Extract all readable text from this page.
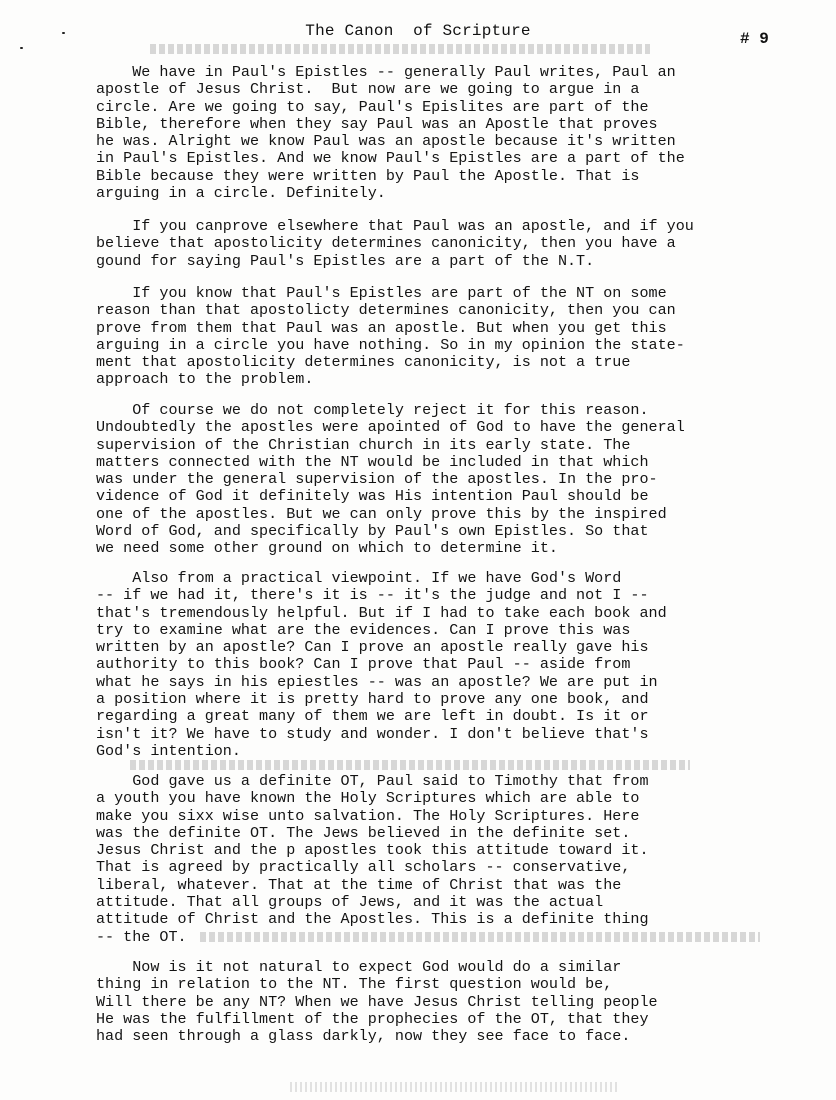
The Canon  of Scripture	# 9
We have in Paul's Epistles -- generally Paul writes, Paul an
apostle of Jesus Christ.  But now are we going to argue in a
circle. Are we going to say, Paul's Epislites are part of the
Bible, therefore when they say Paul was an Apostle that proves
he was. Alright we know Paul was an apostle because it's written
in Paul's Epistles. And we know Paul's Epistles are a part of the
Bible because they were written by Paul the Apostle. That is
arguing in a circle. Definitely.
If you canprove elsewhere that Paul was an apostle, and if you
believe that apostolicity determines canonicity, then you have a
gound for saying Paul's Epistles are a part of the N.T.
If you know that Paul's Epistles are part of the NT on some
reason than that apostolicty determines canonicity, then you can
prove from them that Paul was an apostle. But when you get this
arguing in a circle you have nothing. So in my opinion the state-
ment that apostolicity determines canonicity, is not a true
approach to the problem.
Of course we do not completely reject it for this reason.
Undoubtedly the apostles were apointed of God to have the general
supervision of the Christian church in its early state. The
matters connected with the NT would be included in that which
was under the general supervision of the apostles. In the pro-
vidence of God it definitely was His intention Paul should be
one of the apostles. But we can only prove this by the inspired
Word of God, and specifically by Paul's own Epistles. So that
we need some other ground on which to determine it.
Also from a practical viewpoint. If we have God's Word
-- if we had it, there's it is -- it's the judge and not I --
that's tremendously helpful. But if I had to take each book and
try to examine what are the evidences. Can I prove this was
written by an apostle? Can I prove an apostle really gave his
authority to this book? Can I prove that Paul -- aside from
what he says in his epiestles -- was an apostle? We are put in
a position where it is pretty hard to prove any one book, and
regarding a great many of them we are left in doubt. Is it or
isn't it? We have to study and wonder. I don't believe that's
God's intention.
God gave us a definite OT, Paul said to Timothy that from
a youth you have known the Holy Scriptures which are able to
make you sixx wise unto salvation. The Holy Scriptures. Here
was the definite OT. The Jews believed in the definite set.
Jesus Christ and the p apostles took this attitude toward it.
That is agreed by practically all scholars -- conservative,
liberal, whatever. That at the time of Christ that was the
attitude. That all groups of Jews, and it was the actual
attitude of Christ and the Apostles. This is a definite thing
-- the OT.
Now is it not natural to expect God would do a similar
thing in relation to the NT. The first question would be,
Will there be any NT? When we have Jesus Christ telling people
He was the fulfillment of the prophecies of the OT, that they
had seen through a glass darkly, now they see face to face.
